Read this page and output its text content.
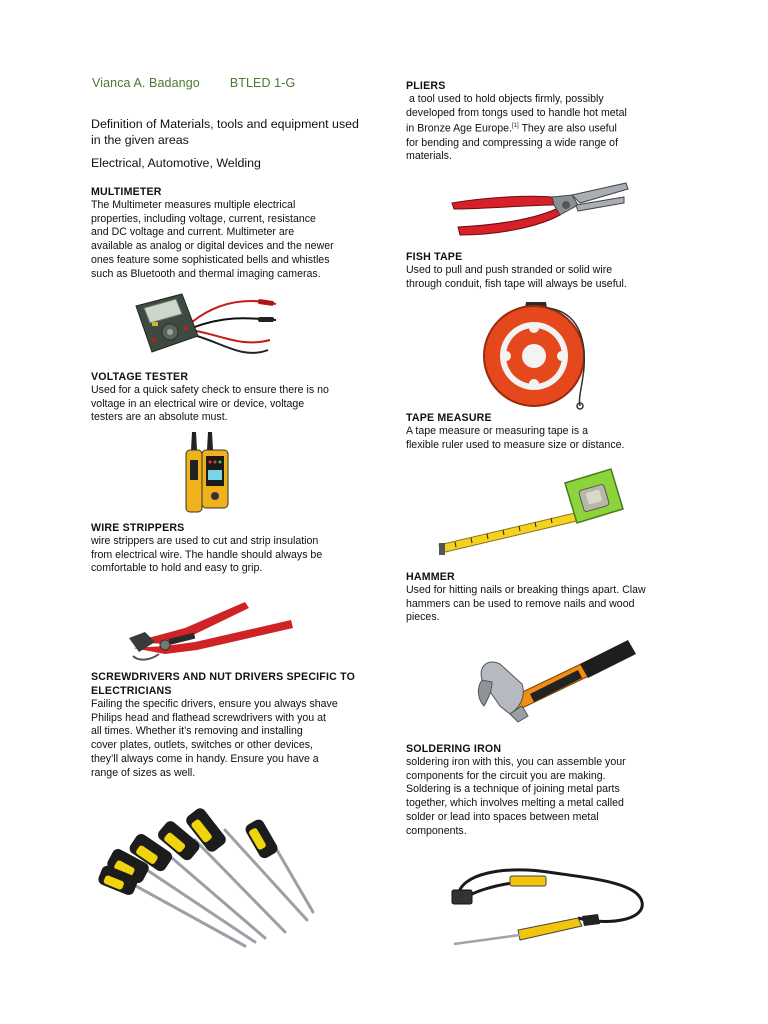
Vianca A. Badango BTLED 1-G
Definition of Materials, tools and equipment used in the given areas
Electrical, Automotive, Welding
MULTIMETER
The Multimeter measures multiple electrical
properties, including voltage, current, resistance
and DC voltage and current. Multimeter are
available as analog or digital devices and the newer
ones feature some sophisticated bells and whistles
such as Bluetooth and thermal imaging cameras.
VOLTAGE TESTER
Used for a quick safety check to ensure there is no
voltage in an electrical wire or device, voltage
testers are an absolute must.
WIRE STRIPPERS
wire strippers are used to cut and strip insulation
from electrical wire. The handle should always be
comfortable to hold and easy to grip.
SCREWDRIVERS AND NUT DRIVERS SPECIFIC TO
ELECTRICIANS
Failing the specific drivers, ensure you always shave
Philips head and flathead screwdrivers with you at
all times. Whether it’s removing and installing
cover plates, outlets, switches or other devices,
they’ll always come in handy. Ensure you have a
range of sizes as well.
PLIERS
a tool used to hold objects firmly, possibly
developed from tongs used to handle hot metal
in Bronze Age Europe.[1] They are also useful
for bending and compressing a wide range of
materials.
FISH TAPE
Used to pull and push stranded or solid wire
through conduit, fish tape will always be useful.
TAPE MEASURE
A tape measure or measuring tape is a
flexible ruler used to measure size or distance.
HAMMER
Used for hitting nails or breaking things apart. Claw
hammers can be used to remove nails and wood
pieces.
SOLDERING IRON
soldering iron with this, you can assemble your
components for the circuit you are making.
Soldering is a technique of joining metal parts
together, which involves melting a metal called
solder or lead into spaces between metal
components.
